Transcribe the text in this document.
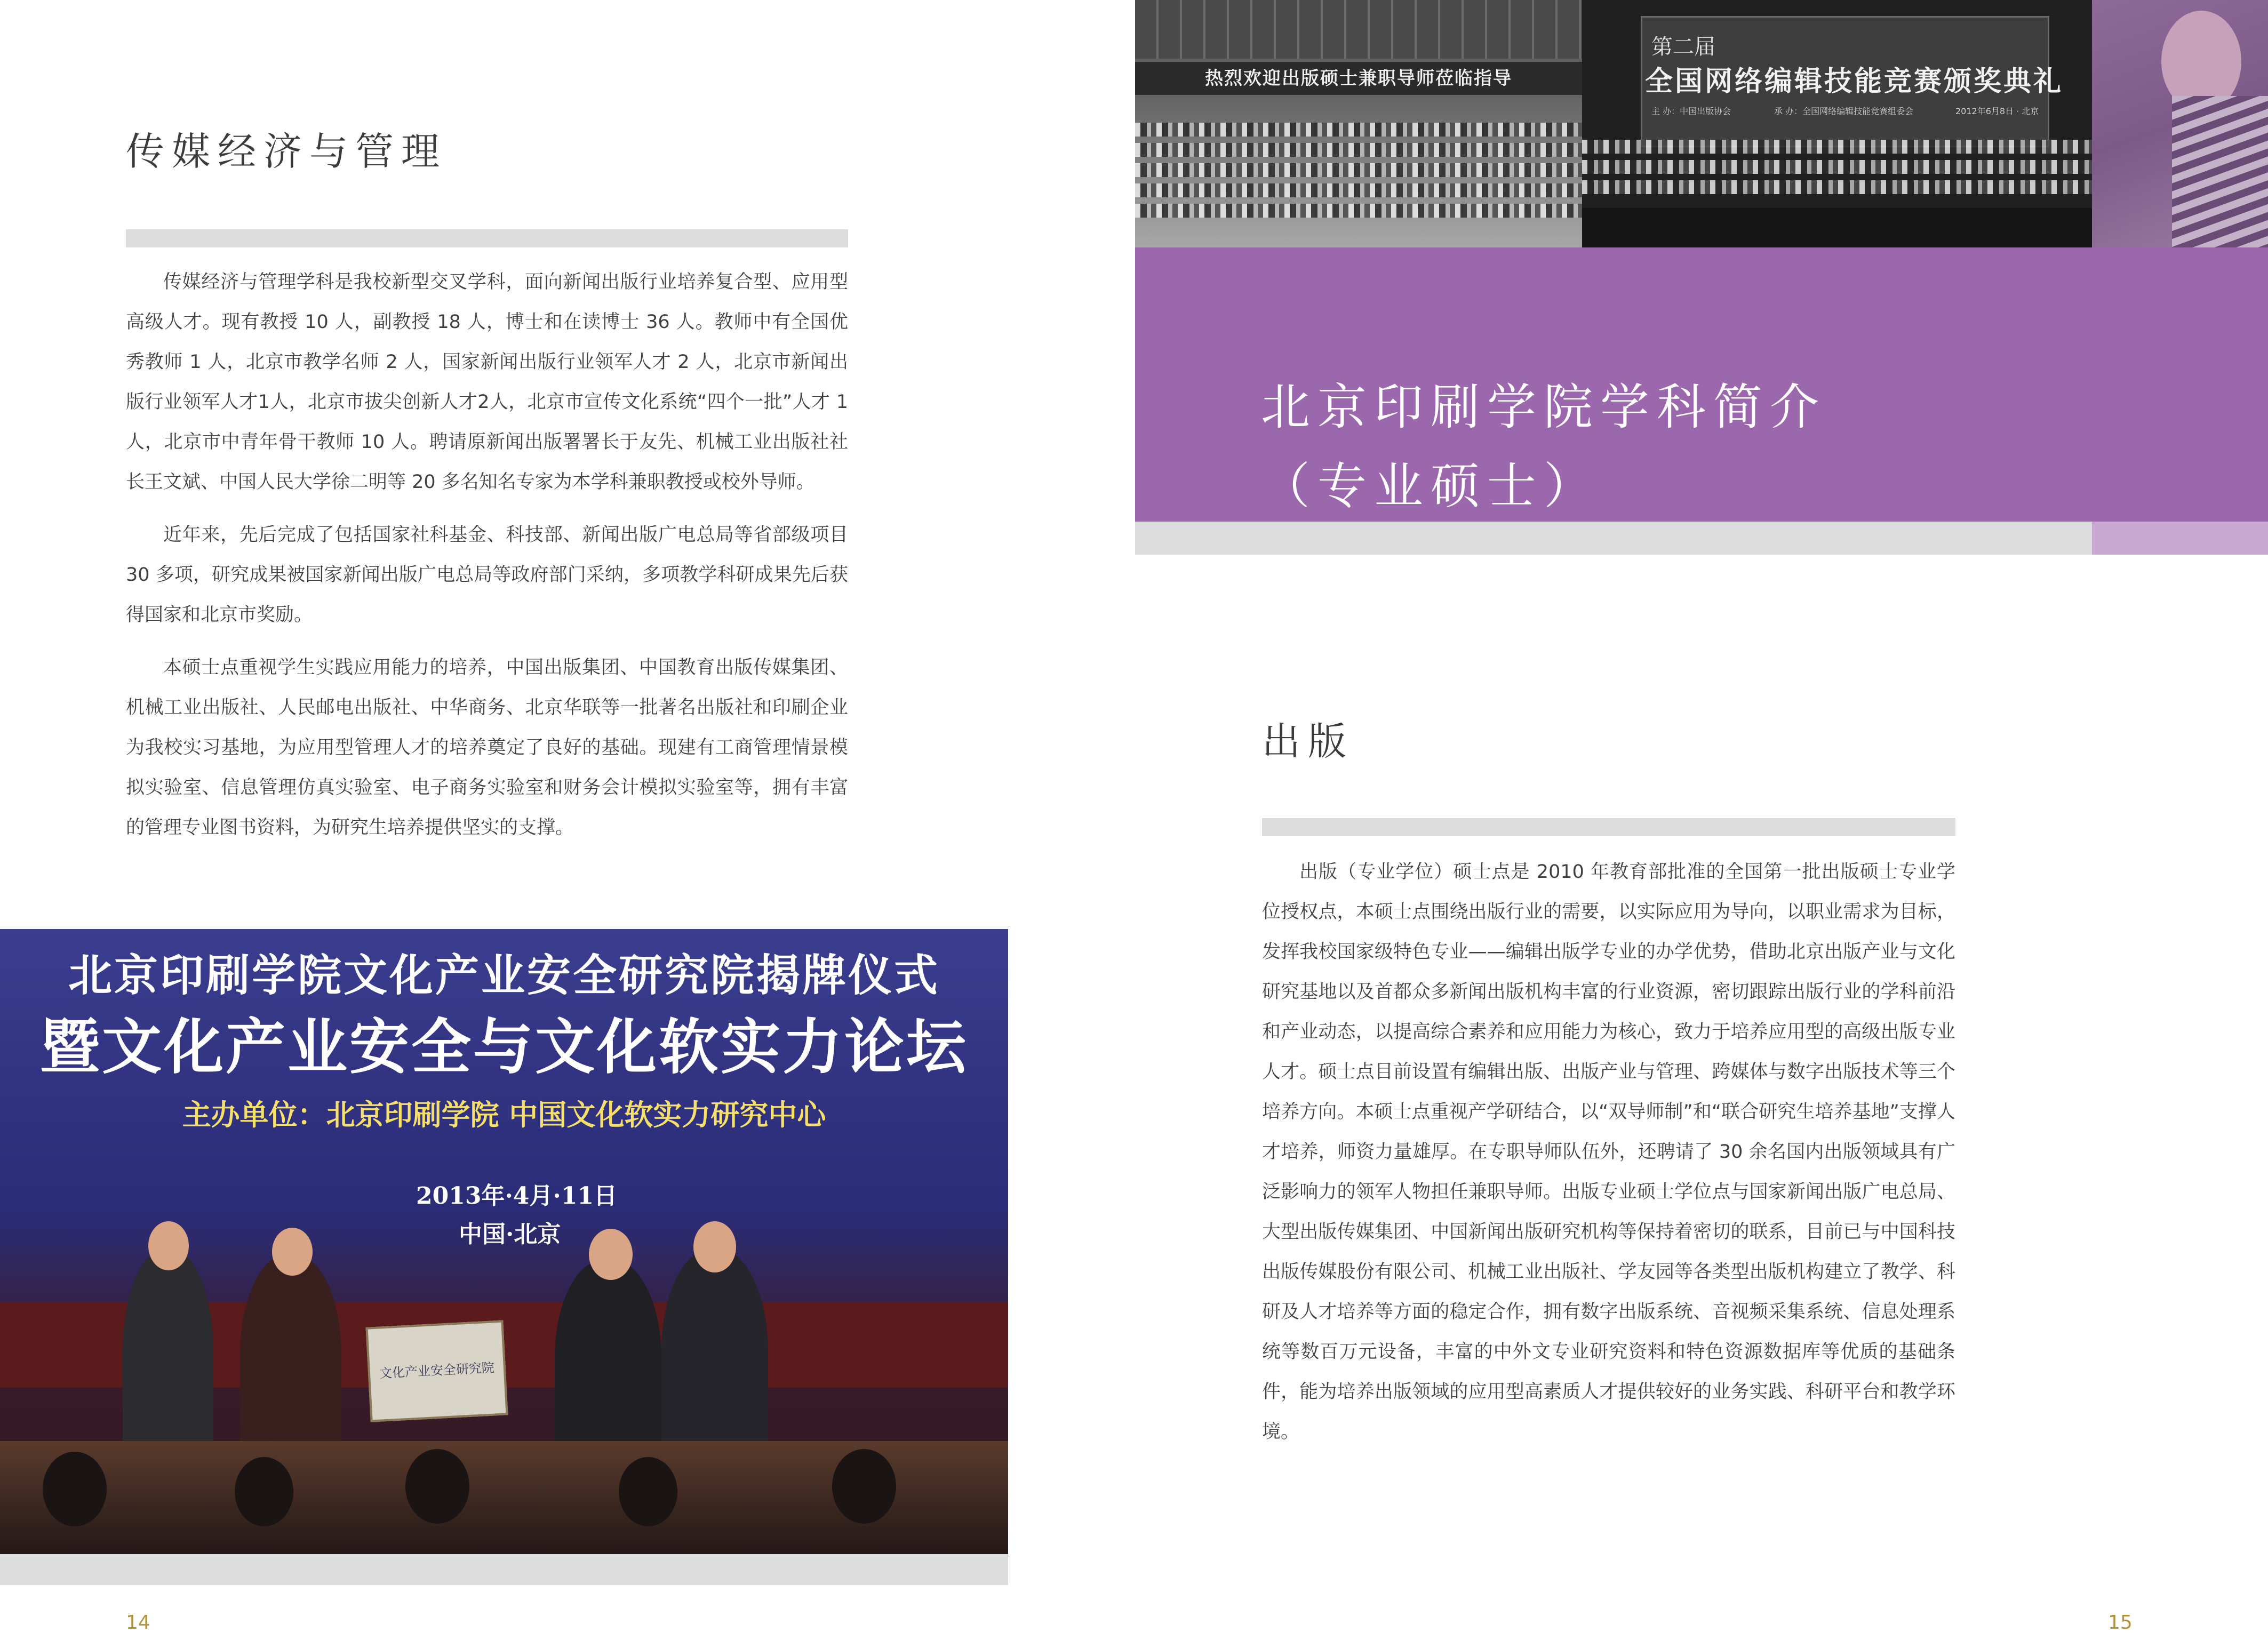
传媒经济与管理

传媒经济与管理学科是我校新型交叉学科，面向新闻出版行业培养复合型、应用型高级人才。现有教授 10 人，副教授 18 人，博士和在读博士 36 人。教师中有全国优秀教师 1 人，北京市教学名师 2 人，国家新闻出版行业领军人才 2 人，北京市新闻出版行业领军人才1人，北京市拔尖创新人才2人，北京市宣传文化系统“四个一批”人才 1 人，北京市中青年骨干教师 10 人。聘请原新闻出版署署长于友先、机械工业出版社社长王文斌、中国人民大学徐二明等 20 多名知名专家为本学科兼职教授或校外导师。

近年来，先后完成了包括国家社科基金、科技部、新闻出版广电总局等省部级项目 30 多项，研究成果被国家新闻出版广电总局等政府部门采纳，多项教学科研成果先后获得国家和北京市奖励。

本硕士点重视学生实践应用能力的培养，中国出版集团、中国教育出版传媒集团、机械工业出版社、人民邮电出版社、中华商务、北京华联等一批著名出版社和印刷企业为我校实习基地，为应用型管理人才的培养奠定了良好的基础。现建有工商管理情景模拟实验室、信息管理仿真实验室、电子商务实验室和财务会计模拟实验室等，拥有丰富的管理专业图书资料，为研究生培养提供坚实的支撑。

北京印刷学院文化产业安全研究院揭牌仪式
暨文化产业安全与文化软实力论坛
主办单位：北京印刷学院 中国文化软实力研究中心
2013年·4月·11日
中国·北京
文化产业安全研究院
14
热烈欢迎出版硕士兼职导师莅临指导
第二届
全国网络编辑技能竞赛颁奖典礼
主 办：中国出版协会	承 办：全国网络编辑技能竞赛组委会	2012年6月8日 · 北京
北京印刷学院学科简介
（专业硕士）
出版

出版（专业学位）硕士点是 2010 年教育部批准的全国第一批出版硕士专业学位授权点，本硕士点围绕出版行业的需要，以实际应用为导向，以职业需求为目标，发挥我校国家级特色专业——编辑出版学专业的办学优势，借助北京出版产业与文化研究基地以及首都众多新闻出版机构丰富的行业资源，密切跟踪出版行业的学科前沿和产业动态，以提高综合素养和应用能力为核心，致力于培养应用型的高级出版专业人才。硕士点目前设置有编辑出版、出版产业与管理、跨媒体与数字出版技术等三个培养方向。本硕士点重视产学研结合，以“双导师制”和“联合研究生培养基地”支撑人才培养，师资力量雄厚。在专职导师队伍外，还聘请了 30 余名国内出版领域具有广泛影响力的领军人物担任兼职导师。出版专业硕士学位点与国家新闻出版广电总局、大型出版传媒集团、中国新闻出版研究机构等保持着密切的联系，目前已与中国科技出版传媒股份有限公司、机械工业出版社、学友园等各类型出版机构建立了教学、科研及人才培养等方面的稳定合作，拥有数字出版系统、音视频采集系统、信息处理系统等数百万元设备，丰富的中外文专业研究资料和特色资源数据库等优质的基础条件，能为培养出版领域的应用型高素质人才提供较好的业务实践、科研平台和教学环境。

15
